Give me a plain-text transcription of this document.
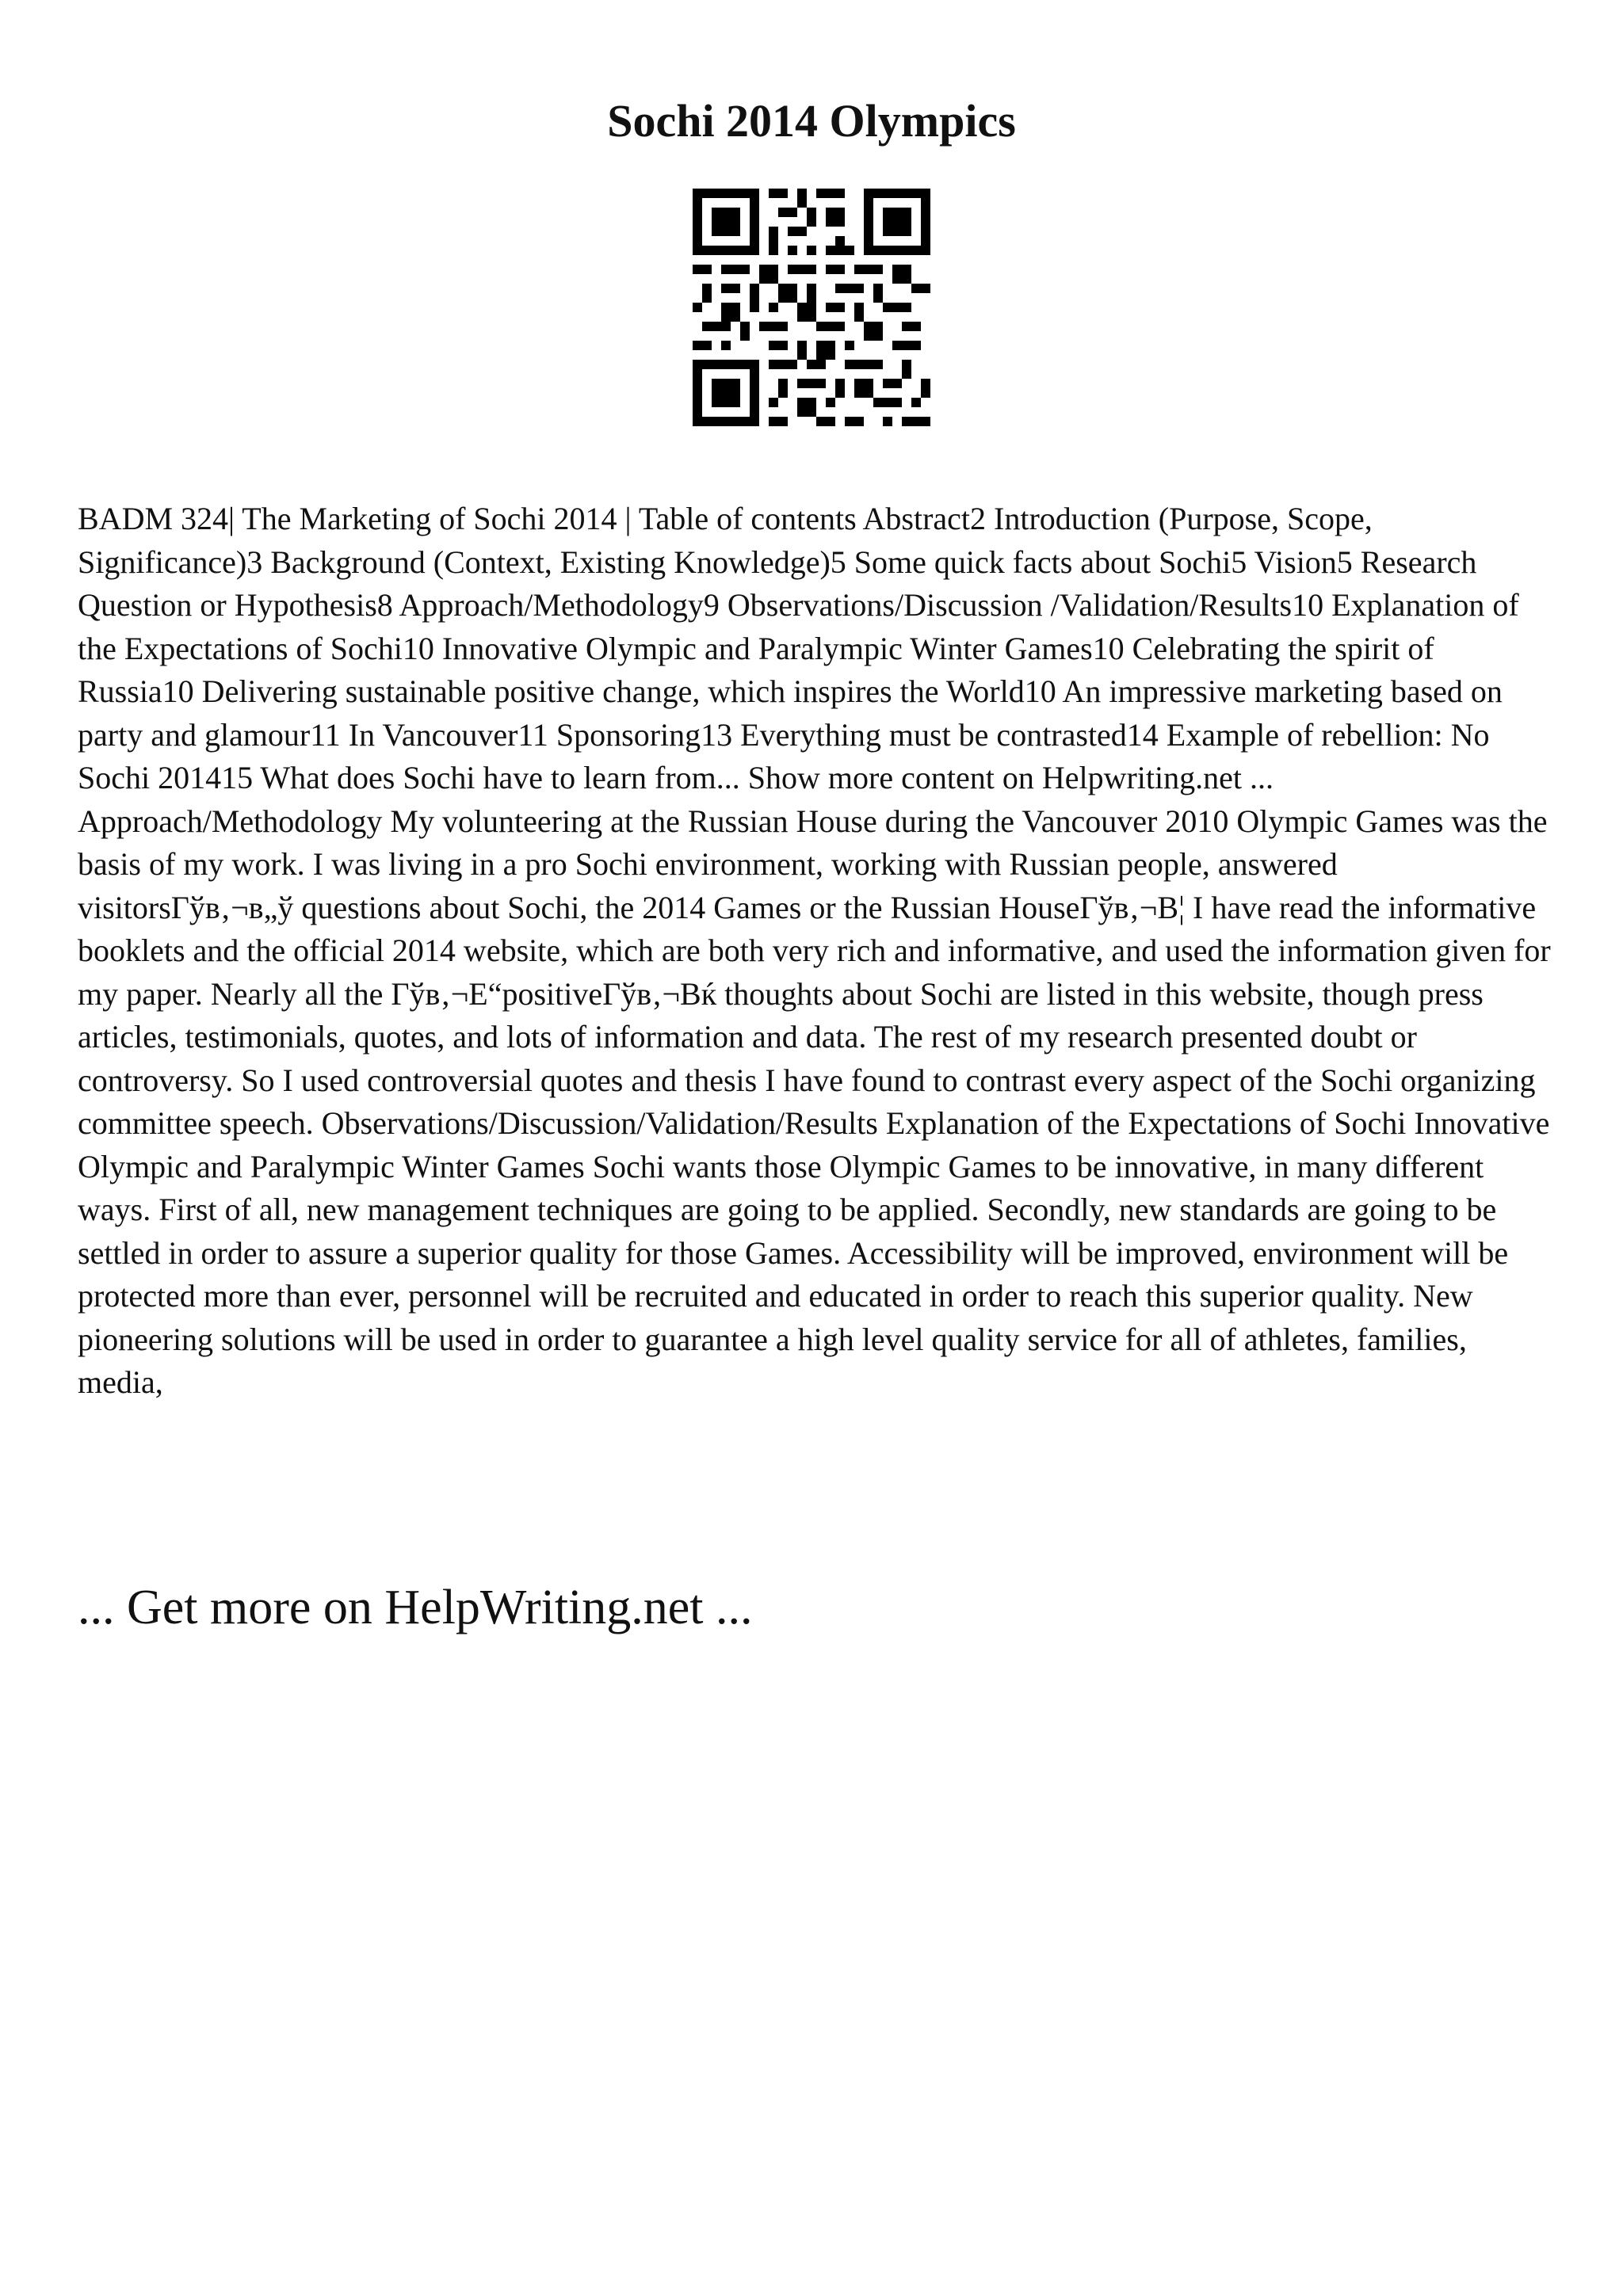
Sochi 2014 Olympics

BADM 324| The Marketing of Sochi 2014 | Table of contents Abstract2 Introduction (Purpose, Scope, Significance)3 Background (Context, Existing Knowledge)5 Some quick facts about Sochi5 Vision5 Research Question or Hypothesis8 Approach/Methodology9 Observations/Discussion /Validation/Results10 Explanation of the Expectations of Sochi10 Innovative Olympic and Paralympic Winter Games10 Celebrating the spirit of Russia10 Delivering sustainable positive change, which inspires the World10 An impressive marketing based on party and glamour11 In Vancouver11 Sponsoring13 Everything must be contrasted14 Example of rebellion: No Sochi 201415 What does Sochi have to learn from... Show more content on Helpwriting.net ... Approach/Methodology My volunteering at the Russian House during the Vancouver 2010 Olympic Games was the basis of my work. I was living in a pro Sochi environment, working with Russian people, answered visitorsГўв‚¬в„ў questions about Sochi, the 2014 Games or the Russian HouseГўв‚¬В¦ I have read the informative booklets and the official 2014 website, which are both very rich and informative, and used the information given for my paper. Nearly all the Гўв‚¬Е“positiveГўв‚¬Вќ thoughts about Sochi are listed in this website, though press articles, testimonials, quotes, and lots of information and data. The rest of my research presented doubt or controversy. So I used controversial quotes and thesis I have found to contrast every aspect of the Sochi organizing committee speech. Observations/Discussion/Validation/Results Explanation of the Expectations of Sochi Innovative Olympic and Paralympic Winter Games Sochi wants those Olympic Games to be innovative, in many different ways. First of all, new management techniques are going to be applied. Secondly, new standards are going to be settled in order to assure a superior quality for those Games. Accessibility will be improved, environment will be protected more than ever, personnel will be recruited and educated in order to reach this superior quality. New pioneering solutions will be used in order to guarantee a high level quality service for all of athletes, families, media,

... Get more on HelpWriting.net ...
